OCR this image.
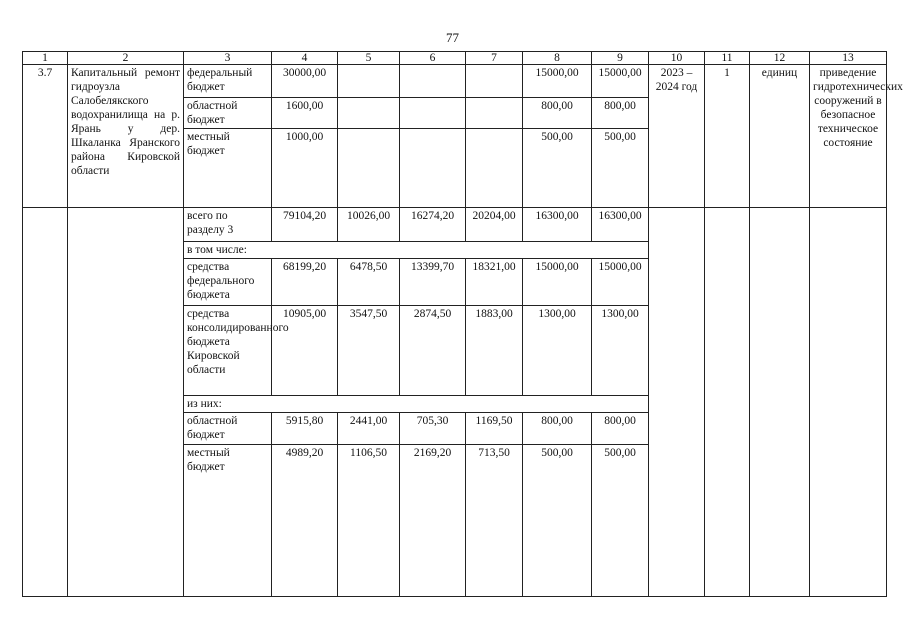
77
1	2	3	4	5	6	7	8	9	10	11	12	13
3.7	Капитальный ремонт гидроузла Салобелякского водохранилища на р. Ярань у дер. Шкаланка Яранского района Кировской области	федеральный бюджет	30000,00				15000,00	15000,00	2023 – 2024 год	1	единиц	приведение гидротехнических сооружений в безопасное техническое состояние
		областной бюджет	1600,00				800,00	800,00				
		местный бюджет	1000,00				500,00	500,00				
		всего по разделу 3	79104,20	10026,00	16274,20	20204,00	16300,00	16300,00				
		в том числе:										
		средства федерального бюджета	68199,20	6478,50	13399,70	18321,00	15000,00	15000,00				
		средства консолидированного бюджета Кировской области	10905,00	3547,50	2874,50	1883,00	1300,00	1300,00				
		из них:										
		областной бюджет	5915,80	2441,00	705,30	1169,50	800,00	800,00				
		местный бюджет	4989,20	1106,50	2169,20	713,50	500,00	500,00				
